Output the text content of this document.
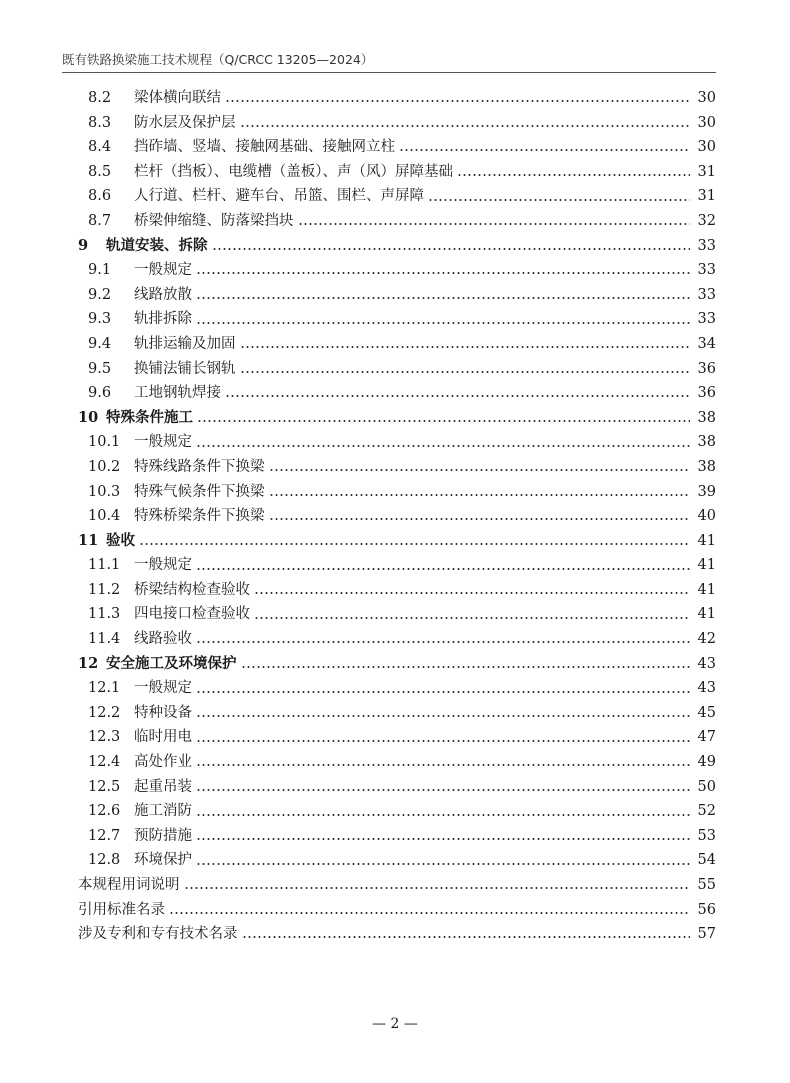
既有铁路换梁施工技术规程（Q/CRCC 13205—2024）
8.2	梁体横向联结	30
8.3	防水层及保护层	30
8.4	挡砟墙、竖墙、接触网基础、接触网立柱	30
8.5	栏杆（挡板）、电缆槽（盖板）、声（风）屏障基础	31
8.6	人行道、栏杆、避车台、吊篮、围栏、声屏障	31
8.7	桥梁伸缩缝、防落梁挡块	32
9	轨道安装、拆除	33
9.1	一般规定	33
9.2	线路放散	33
9.3	轨排拆除	33
9.4	轨排运输及加固	34
9.5	换铺法铺长钢轨	36
9.6	工地钢轨焊接	36
10 特殊条件施工	38
10.1 一般规定	38
10.2 特殊线路条件下换梁	38
10.3 特殊气候条件下换梁	39
10.4 特殊桥梁条件下换梁	40
11 验收	41
11.1 一般规定	41
11.2 桥梁结构检查验收	41
11.3 四电接口检查验收	41
11.4 线路验收	42
12 安全施工及环境保护	43
12.1 一般规定	43
12.2 特种设备	45
12.3 临时用电	47
12.4 高处作业	49
12.5 起重吊装	50
12.6 施工消防	52
12.7 预防措施	53
12.8 环境保护	54
本规程用词说明	55
引用标准名录	56
涉及专利和专有技术名录	57
— 2 —
